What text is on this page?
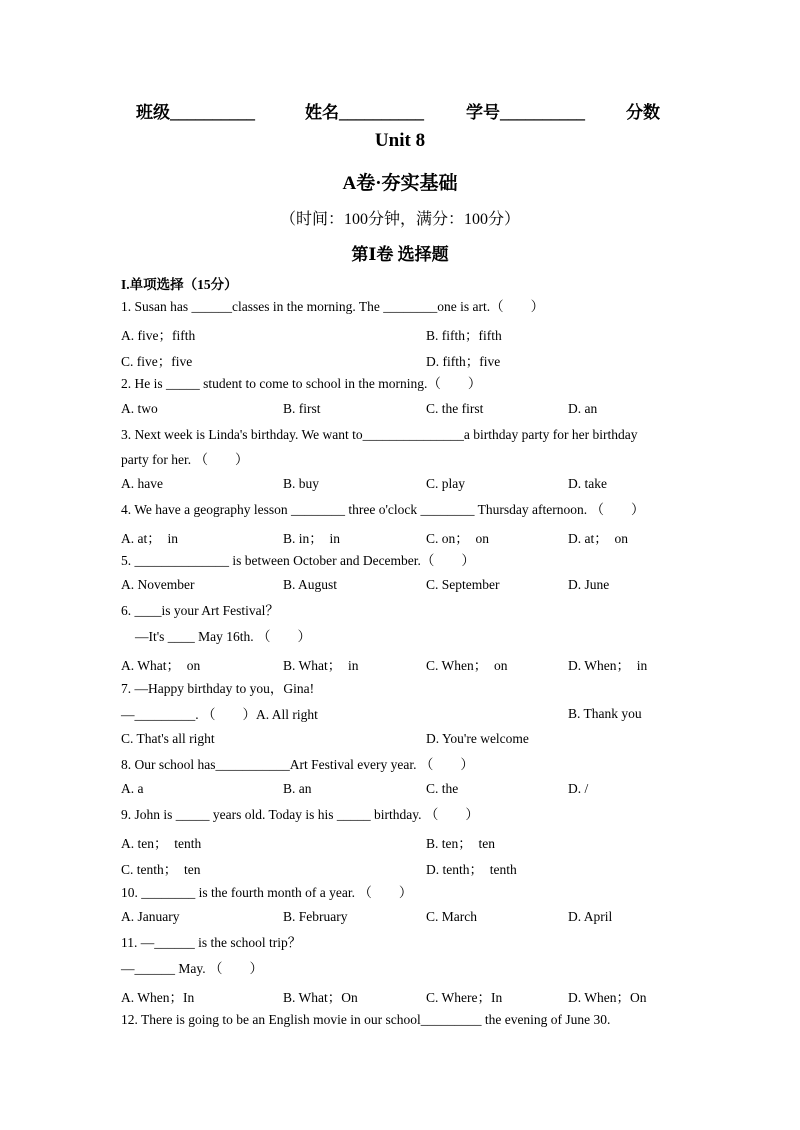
班级__________	姓名__________ 学号__________ 分数
Unit 8
A卷·夯实基础
（时间：100分钟，满分：100分）
第Ⅰ卷 选择题
I.单项选择（15分）
1. Susan has ______classes in the morning. The ________one is art.（　　）
A. five；fifth	B. fifth；fifth
C. five；five	D. fifth；five
2. He is _____ student to come to school in the morning.（　　）
A. two	B. first	C. the first	D. an
3. Next week is Linda's birthday. We want to_______________a birthday party for her birthday
party for her. （　　）
A. have	B. buy	C. play	D. take
4. We have a geography lesson ________ three o'clock ________ Thursday afternoon. （　　）
A. at；　in	B. in；　in	C. on；　on	D. at；　on
5. ______________ is between October and December.（　　）
A. November	B. August	C. September	D. June
6. ____is your Art Festival？
—It's ____ May 16th. （　　）
A. What；　on	B. What；　in	C. When；　on	D. When；　in
7. —Happy birthday to you，Gina!
—_________. （　　）A. All right	B. Thank you
C. That's all right	D. You're welcome
8. Our school has___________Art Festival every year. （　　）
A. a	B. an	C. the	D. /
9. John is _____ years old. Today is his _____ birthday. （　　）
A. ten；　tenth	B. ten；　ten
C. tenth；　ten	D. tenth；　tenth
10. ________ is the fourth month of a year. （　　）
A. January	B. February	C. March	D. April
11. —______ is the school trip？
—______ May. （　　）
A. When；In	B. What；On	C. Where；In	D. When；On
12. There is going to be an English movie in our school_________ the evening of June 30.
